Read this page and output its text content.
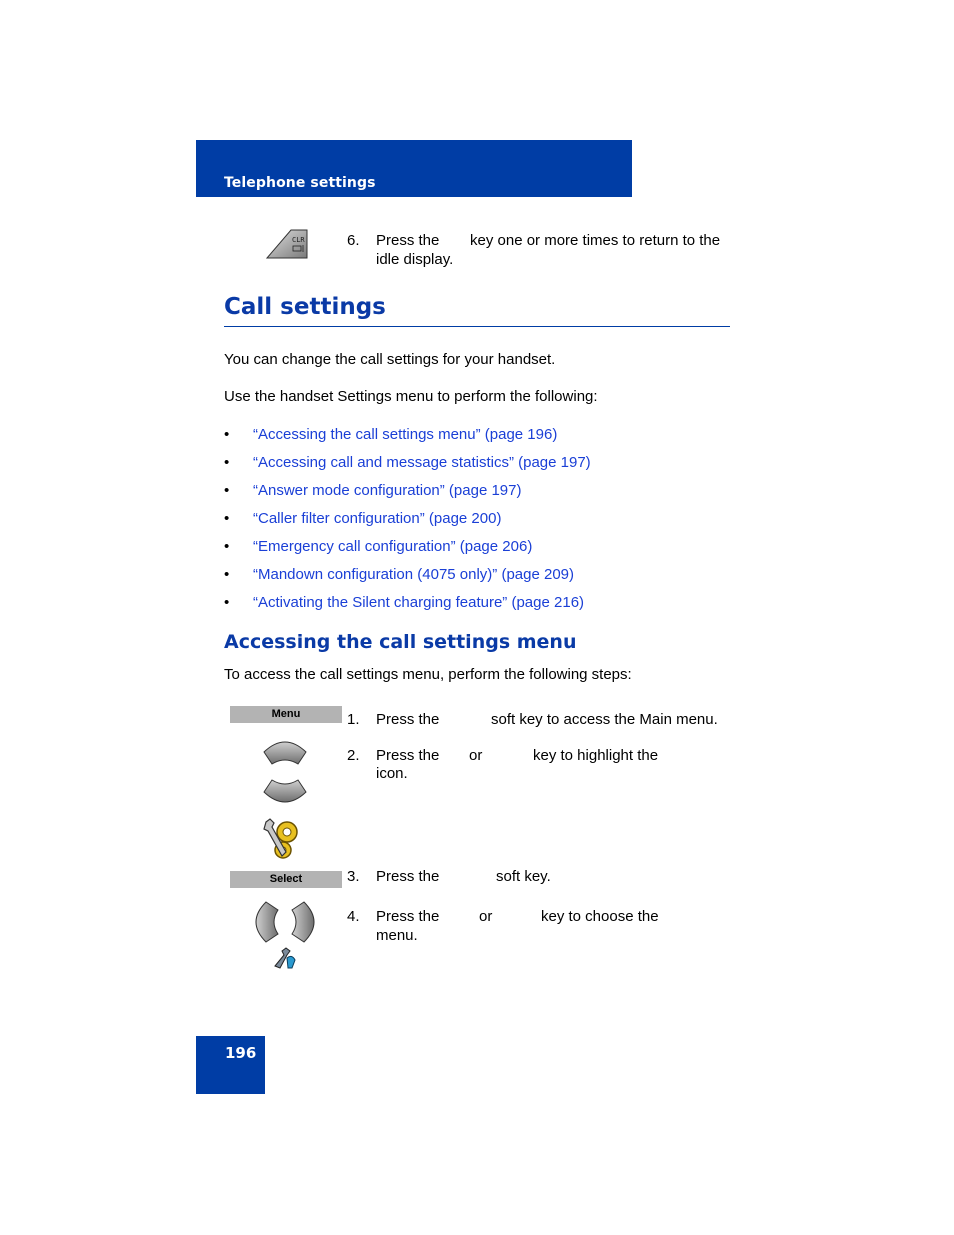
Telephone settings
CLR	6. Press the key one or more times to return to the
idle display.
Call settings
You can change the call settings for your handset.
Use the handset Settings menu to perform the following:
• “Accessing the call settings menu” (page 196)
• “Accessing call and message statistics” (page 197)
• “Answer mode configuration” (page 197)
• “Caller filter configuration” (page 200)
• “Emergency call configuration” (page 206)
• “Mandown configuration (4075 only)” (page 209)
• “Activating the Silent charging feature” (page 216)
Accessing the call settings menu
To access the call settings menu, perform the following steps:
Menu	1. Press the	soft key to access the Main menu.
2. Press the or	key to highlight the
icon.
Select	3. Press the	soft key.
4. Press the	or	key to choose the
menu.
196
